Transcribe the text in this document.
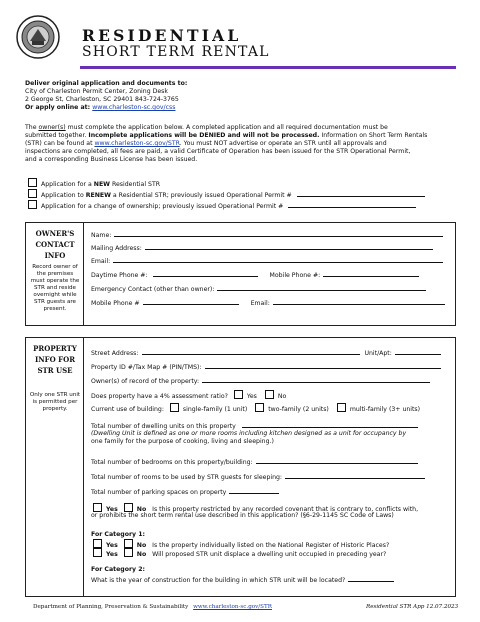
RESIDENTIAL
SHORT TERM RENTAL
Deliver original application and documents to:
City of Charleston Permit Center, Zoning Desk
2 George St, Charleston, SC 29401 843-724-3765
Or apply online at: www.charleston-sc.gov/css
The owner(s) must complete the application below. A completed application and all required documentation must be
submitted together. Incomplete applications will be DENIED and will not be processed. Information on Short Term Rentals
(STR) can be found at www.charleston-sc.gov/STR. You must NOT advertise or operate an STR until all approvals and
inspections are completed, all fees are paid, a valid Certificate of Operation has been issued for the STR Operational Permit,
and a corresponding Business License has been issued.
Application for a NEW Residential STR
Application to RENEW a Residential STR; previously issued Operational Permit #
Application for a change of ownership; previously issued Operational Permit #
OWNER'S CONTACT INFO
Record owner of the premises must operate the STR and reside overnight while STR guests are present.
Name:
Mailing Address:
Email:
Daytime Phone #:	Mobile Phone #:
Emergency Contact (other than owner):
Mobile Phone #	Email:
PROPERTY INFO FOR STR USE
Only one STR unit is permitted per property.
Street Address:	Unit/Apt:
Property ID #/Tax Map # (PIN/TMS):
Owner(s) of record of the property:
Does property have a 4% assessment ratio?	Yes	No
Current use of building:	single-family (1 unit)	two-family (2 units)	multi-family (3+ units)
Total number of dwelling units on this property
(Dwelling Unit is defined as one or more rooms including kitchen designed as a unit for occupancy by
one family for the purpose of cooking, living and sleeping.)
Total number of bedrooms on this property/building:
Total number of rooms to be used by STR guests for sleeping:
Total number of parking spaces on property
Yes	No Is this property restricted by any recorded covenant that is contrary to, conflicts with,
or prohibits the short term rental use described in this application? (§6-29-1145 SC Code of Laws)
For Category 1:
Yes	No Is the property individually listed on the National Register of Historic Places?
Yes	No Will proposed STR unit displace a dwelling unit occupied in preceding year?
For Category 2:
What is the year of construction for the building in which STR unit will be located?
Department of Planning, Preservation & Sustainability www.charleston-sc.gov/STR	Residential STR App 12.07.2023
